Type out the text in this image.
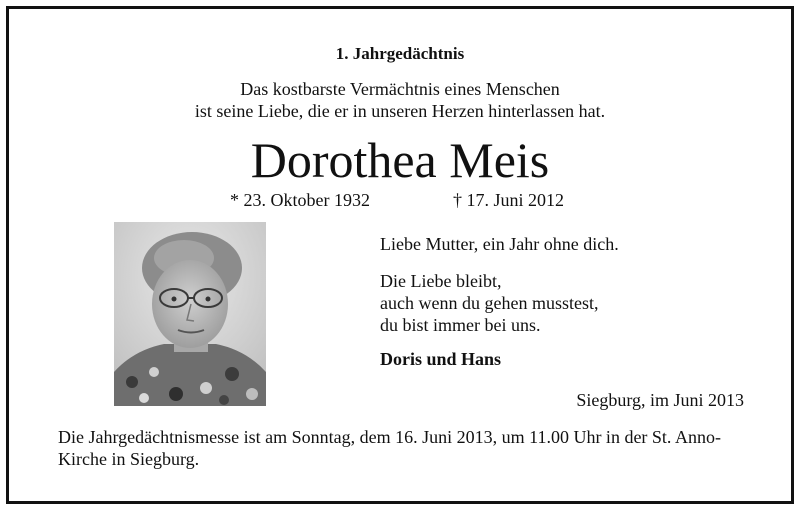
1. Jahrgedächtnis
Das kostbarste Vermächtnis eines Menschen
ist seine Liebe, die er in unseren Herzen hinterlassen hat.
Dorothea Meis
* 23. Oktober 1932	† 17. Juni 2012
Liebe Mutter, ein Jahr ohne dich.
Die Liebe bleibt,
auch wenn du gehen musstest,
du bist immer bei uns.
Doris und Hans
Siegburg, im Juni 2013
Die Jahrgedächtnismesse ist am Sonntag, dem 16. Juni 2013, um 11.00 Uhr in der St. Anno-
Kirche in Siegburg.
